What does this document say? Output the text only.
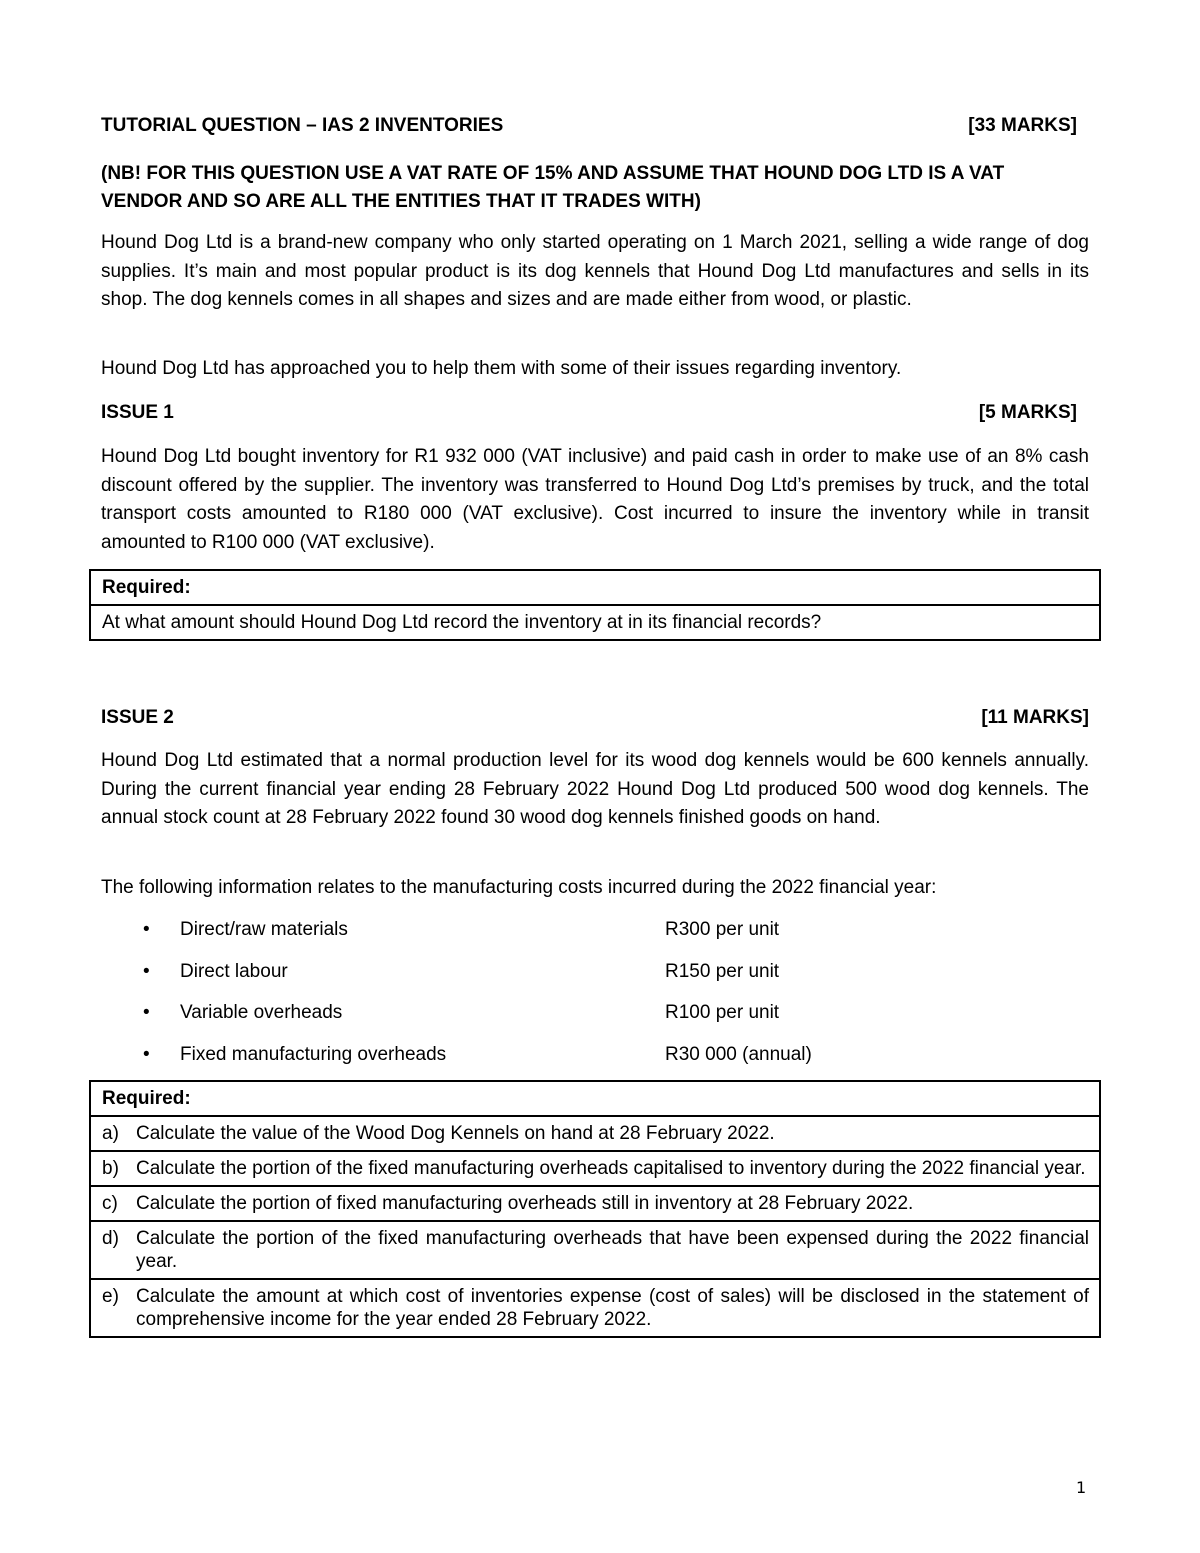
TUTORIAL QUESTION – IAS 2 INVENTORIES	[33 MARKS]
(NB! FOR THIS QUESTION USE A VAT RATE OF 15% AND ASSUME THAT HOUND DOG LTD IS A VAT VENDOR AND SO ARE ALL THE ENTITIES THAT IT TRADES WITH)
Hound Dog Ltd is a brand-new company who only started operating on 1 March 2021, selling a wide range of dog supplies. It’s main and most popular product is its dog kennels that Hound Dog Ltd manufactures and sells in its shop. The dog kennels comes in all shapes and sizes and are made either from wood, or plastic.
Hound Dog Ltd has approached you to help them with some of their issues regarding inventory.
ISSUE 1	[5 MARKS]
Hound Dog Ltd bought inventory for R1 932 000 (VAT inclusive) and paid cash in order to make use of an 8% cash discount offered by the supplier. The inventory was transferred to Hound Dog Ltd’s premises by truck, and the total transport costs amounted to R180 000 (VAT exclusive). Cost incurred to insure the inventory while in transit amounted to R100 000 (VAT exclusive).
Required:
At what amount should Hound Dog Ltd record the inventory at in its financial records?
ISSUE 2	[11 MARKS]
Hound Dog Ltd estimated that a normal production level for its wood dog kennels would be 600 kennels annually. During the current financial year ending 28 February 2022 Hound Dog Ltd produced 500 wood dog kennels. The annual stock count at 28 February 2022 found 30 wood dog kennels finished goods on hand.
The following information relates to the manufacturing costs incurred during the 2022 financial year:
• Direct/raw materials	R300 per unit
• Direct labour	R150 per unit
• Variable overheads	R100 per unit
• Fixed manufacturing overheads	R30 000 (annual)
Required:

a) Calculate the value of the Wood Dog Kennels on hand at 28 February 2022.

b) Calculate the portion of the fixed manufacturing overheads capitalised to inventory during the 2022 financial year.

c) Calculate the portion of fixed manufacturing overheads still in inventory at 28 February 2022.

d) Calculate the portion of the fixed manufacturing overheads that have been expensed during the 2022 financial year.

e) Calculate the amount at which cost of inventories expense (cost of sales) will be disclosed in the statement of comprehensive income for the year ended 28 February 2022.
1
